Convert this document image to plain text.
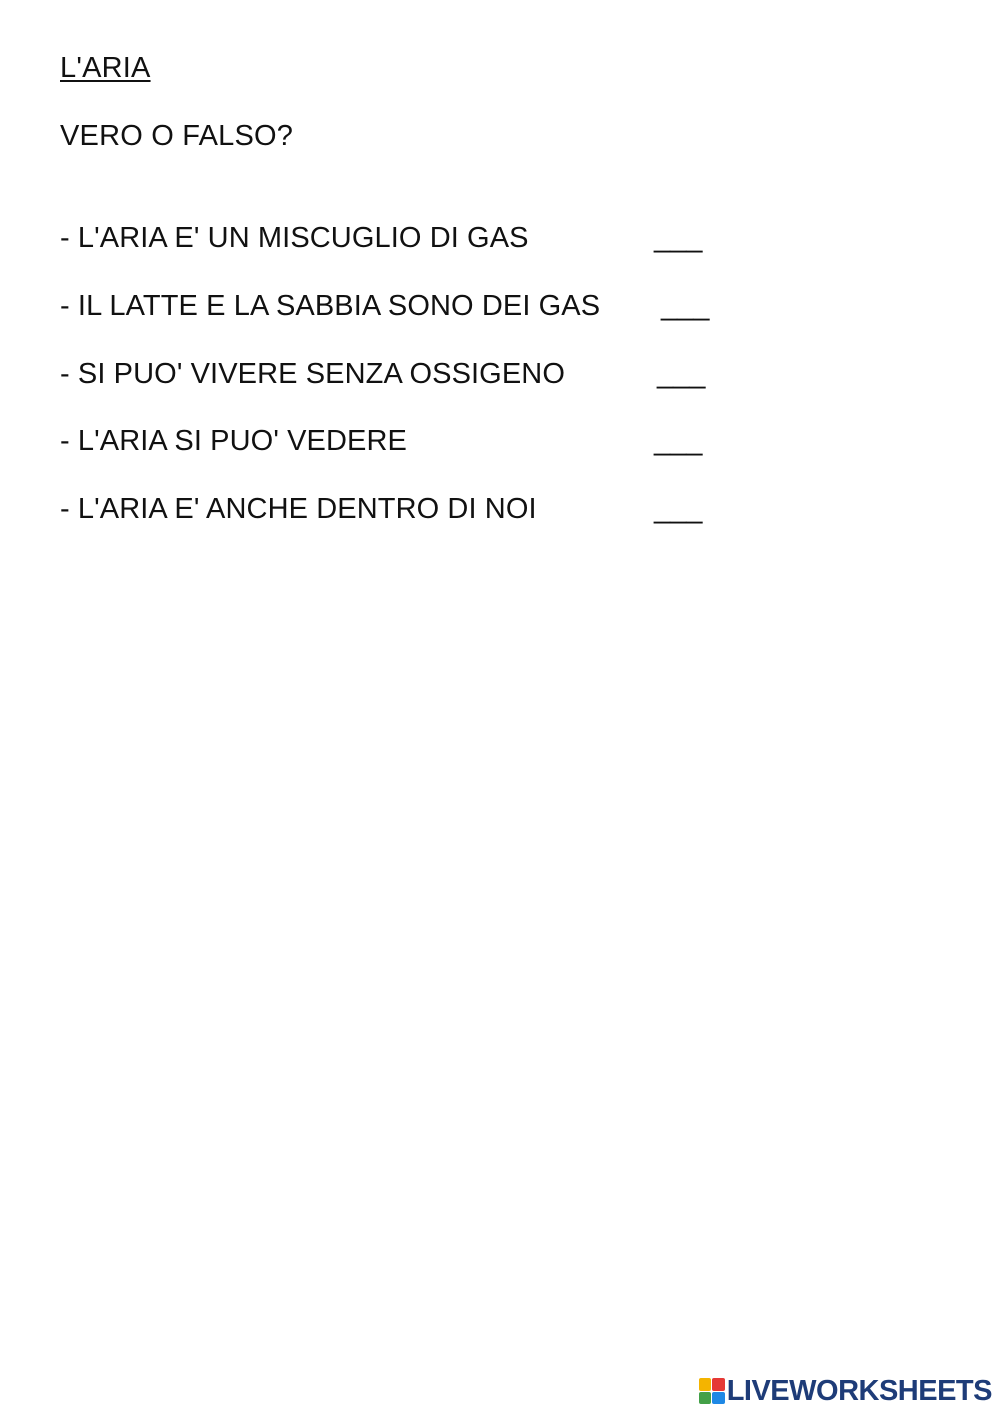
L'ARIA

VERO O FALSO?

- L'ARIA E' UN MISCUGLIO DI GAS	___
- IL LATTE E LA SABBIA SONO DEI GAS ___
- SI PUO' VIVERE SENZA OSSIGENO	___
- L'ARIA SI PUO' VEDERE	___
- L'ARIA E' ANCHE DENTRO DI NOI	___
LIVEWORKSHEETS
